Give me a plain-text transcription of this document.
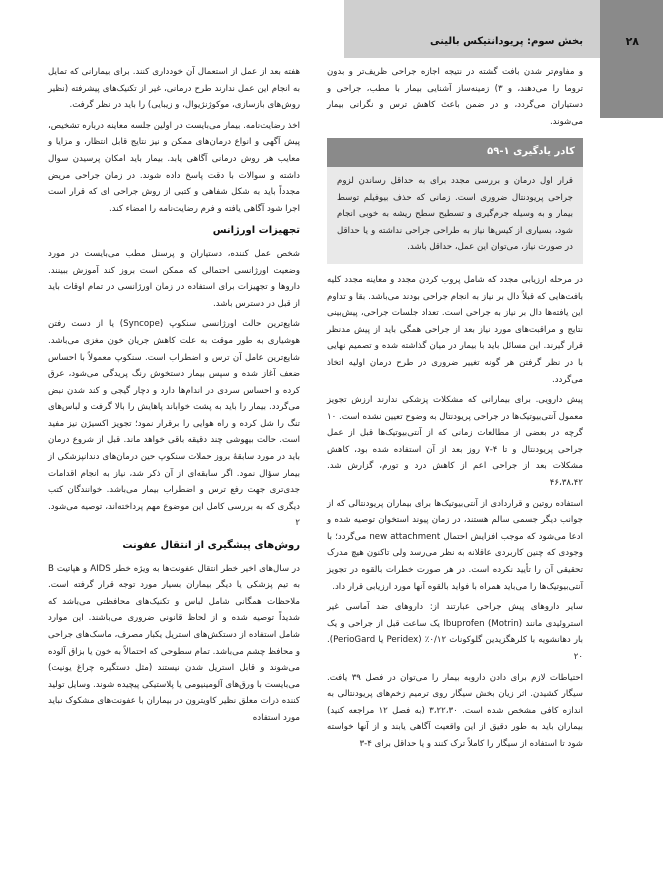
بخش سوم: پریودانتیکس بالینی	۲۸

و مفاوم‌تر شدن بافت گشته در نتیجه اجازه جراحی ظریف‌تر و بدون تروما را می‌دهند، و ۳) زمینه‌ساز آشنایی بیمار با مطب، جراحی و دستیاران می‌گردد، و در ضمن باعث کاهش ترس و نگرانی بیمار می‌شوند.

کادر یادگیری ۱-۵۹
قرار اول درمان و بررسی مجدد برای به حداقل رساندن لزوم جراحی پریودنتال ضروری است. زمانی که حذف بیوفیلم توسط بیمار و به وسیله جرم‌گیری و تسطیح سطح ریشه به خوبی انجام شود، بسیاری از کیس‌ها نیاز به طراحی جراحی نداشته و یا حداقل در صورت نیاز، می‌توان این عمل، حداقل باشد.

در مرحله ارزیابی مجدد که شامل پروب کردن مجدد و معاینه مجدد کلیه بافت‌هایی که قبلاً دال بر نیاز به انجام جراحی بودند می‌باشد. بقا و تداوم این یافته‌ها دال بر نیاز به جراحی است. تعداد جلسات جراحی، پیش‌بینی نتایج و مراقبت‌های مورد نیاز بعد از جراحی همگی باید از پیش مدنظر قرار گیرند. این مسائل باید با بیمار در میان گذاشته شده و تصمیم نهایی با در نظر گرفتن هر گونه تغییر ضروری در طرح درمان اولیه اتخاذ می‌گردد.

پیش دارویی. برای بیمارانی که مشکلات پزشکی ندارند ارزش تجویز معمول آنتی‌بیوتیک‌ها در جراحی پریودنتال به وضوح تعیین نشده است. ۱۰ گرچه در بعضی از مطالعات زمانی که از آنتی‌بیوتیک‌ها قبل از عمل جراحی پریودنتال و تا ۴-۷ روز بعد از آن استفاده شده بود، کاهش مشکلات بعد از جراحی اعم از کاهش درد و تورم، گزارش شد. ۴۶،۳۸،۴۲

استفاده روتین و قراردادی از آنتی‌بیوتیک‌ها برای بیماران پریودنتالی که از جوانب دیگر جسمی سالم هستند، در زمان پیوند استخوان توصیه شده و ادعا می‌شود که موجب افزایش احتمال new attachment می‌گردد؛ با وجودی که چنین کاربردی عاقلانه به نظر می‌رسد ولی تاکنون هیچ مدرک تحقیقی آن را تأیید نکرده است. در هر صورت خطرات بالقوه در تجویز آنتی‌بیوتیک‌ها را می‌باید همراه با فواید بالقوه آنها مورد ارزیابی قرار داد.

سایر داروهای پیش جراحی عبارتند از: داروهای ضد آماسی غیر استروئیدی مانند Ibuprofen (Motrin) یک ساعت قبل از جراحی و یک بار دهانشویه با کلرهگزیدین گلوکونات ٠/١٢٪ (Peridex یا PerioGard). ۲۰

احتیاطات لازم برای دادن داروبه بیمار را می‌توان در فصل ۳۹ یافت. سیگار کشیدن. اثر زیان بخش سیگار روی ترمیم زخم‌های پریودنتالی به اندازه کافی مشخص شده است. ۳،۲۲،۳۰ (به فصل ۱۲ مراجعه کنید) بیماران باید به طور دقیق از این واقعیت آگاهی یابند و از آنها خواسته شود تا استفاده از سیگار را کاملاً ترک کنند و یا حداقل برای ۴-۳

هفته بعد از عمل از استعمال آن خودداری کنند. برای بیمارانی که تمایل به انجام این عمل ندارند طرح درمانی، غیر از تکنیک‌های پیشرفته (نظیر روش‌های بازسازی، موکوژنژیوال، و زیبایی) را باید در نظر گرفت.

اخذ رضایت‌نامه. بیمار می‌بایست در اولین جلسه معاینه درباره تشخیص، پیش آگهی و انواع درمان‌های ممکن و نیز نتایج قابل انتظار، و مزایا و معایب هر روش درمانی آگاهی یابد. بیمار باید امکان پرسیدن سوال داشته و سوالات با دقت پاسخ داده شوند. در زمان جراحی مریض مجدداً باید به شکل شفاهی و کتبی از روش جراحی ای که قرار است اجرا شود آگاهی یافته و فرم رضایت‌نامه را امضاء کند.

تجهیزات اورژانس

شخص عمل کننده، دستیاران و پرسنل مطب می‌بایست در مورد وضعیت اورژانسی احتمالی که ممکن است بروز کند آموزش ببینند. داروها و تجهیزات برای استفاده در زمان اورژانسی در تمام اوقات باید از قبل در دسترس باشد.

شایع‌ترین حالت اورژانسی سنکوپ (Syncope) یا از دست رفتن هوشیاری به طور موقت به علت کاهش جریان خون مغزی می‌باشد. شایع‌ترین عامل آن ترس و اضطراب است. سنکوپ معمولاً با احساس ضعف آغاز شده و سپس بیمار دستخوش رنگ پریدگی می‌شود، عرق کرده و احساس سردی در اندام‌ها دارد و دچار گیجی و کند شدن نبض می‌گردد. بیمار را باید به پشت خواباند پاهایش را بالا گرفت و لباس‌های تنگ را شل کرده و راه هوایی را برقرار نمود؛ تجویز اکسیژن نیز مفید است. حالت بیهوشی چند دقیقه باقی خواهد ماند. قبل از شروع درمان باید در مورد سابقهٔ بروز حملات سنکوپ حین درمان‌های دندانپزشکی از بیمار سؤال نمود. اگر سابقه‌ای از آن ذکر شد، نیاز به انجام اقدامات جدی‌تری جهت رفع ترس و اضطراب بیمار می‌باشد. خوانندگان کتب دیگری که به بررسی کامل این موضوع مهم پرداخته‌اند، توصیه می‌شود. ۲

روش‌های پیشگیری از انتقال عفونت

در سال‌های اخیر خطر انتقال عفونت‌ها به ویژه خطر AIDS و هپاتیت B به تیم پزشکی یا دیگر بیماران بسیار مورد توجه قرار گرفته است. ملاحظات همگانی شامل لباس و تکنیک‌های محافظتی می‌باشد که شدیداً توصیه شده و از لحاظ قانونی ضروری می‌باشند. این موارد شامل استفاده از دستکش‌های استریل یکبار مصرف، ماسک‌های جراحی و محافظ چشم می‌باشد. تمام سطوحی که احتمالاً به خون یا بزاق آلوده می‌شوند و قابل استریل شدن نیستند (مثل دستگیره چراغ یونیت) می‌بایست با ورق‌های آلومینیومی یا پلاستیکی پیچیده شوند. وسایل تولید کننده ذرات معلق نظیر کاویترون در بیماران با عفونت‌های مشکوک نباید مورد استفاده
